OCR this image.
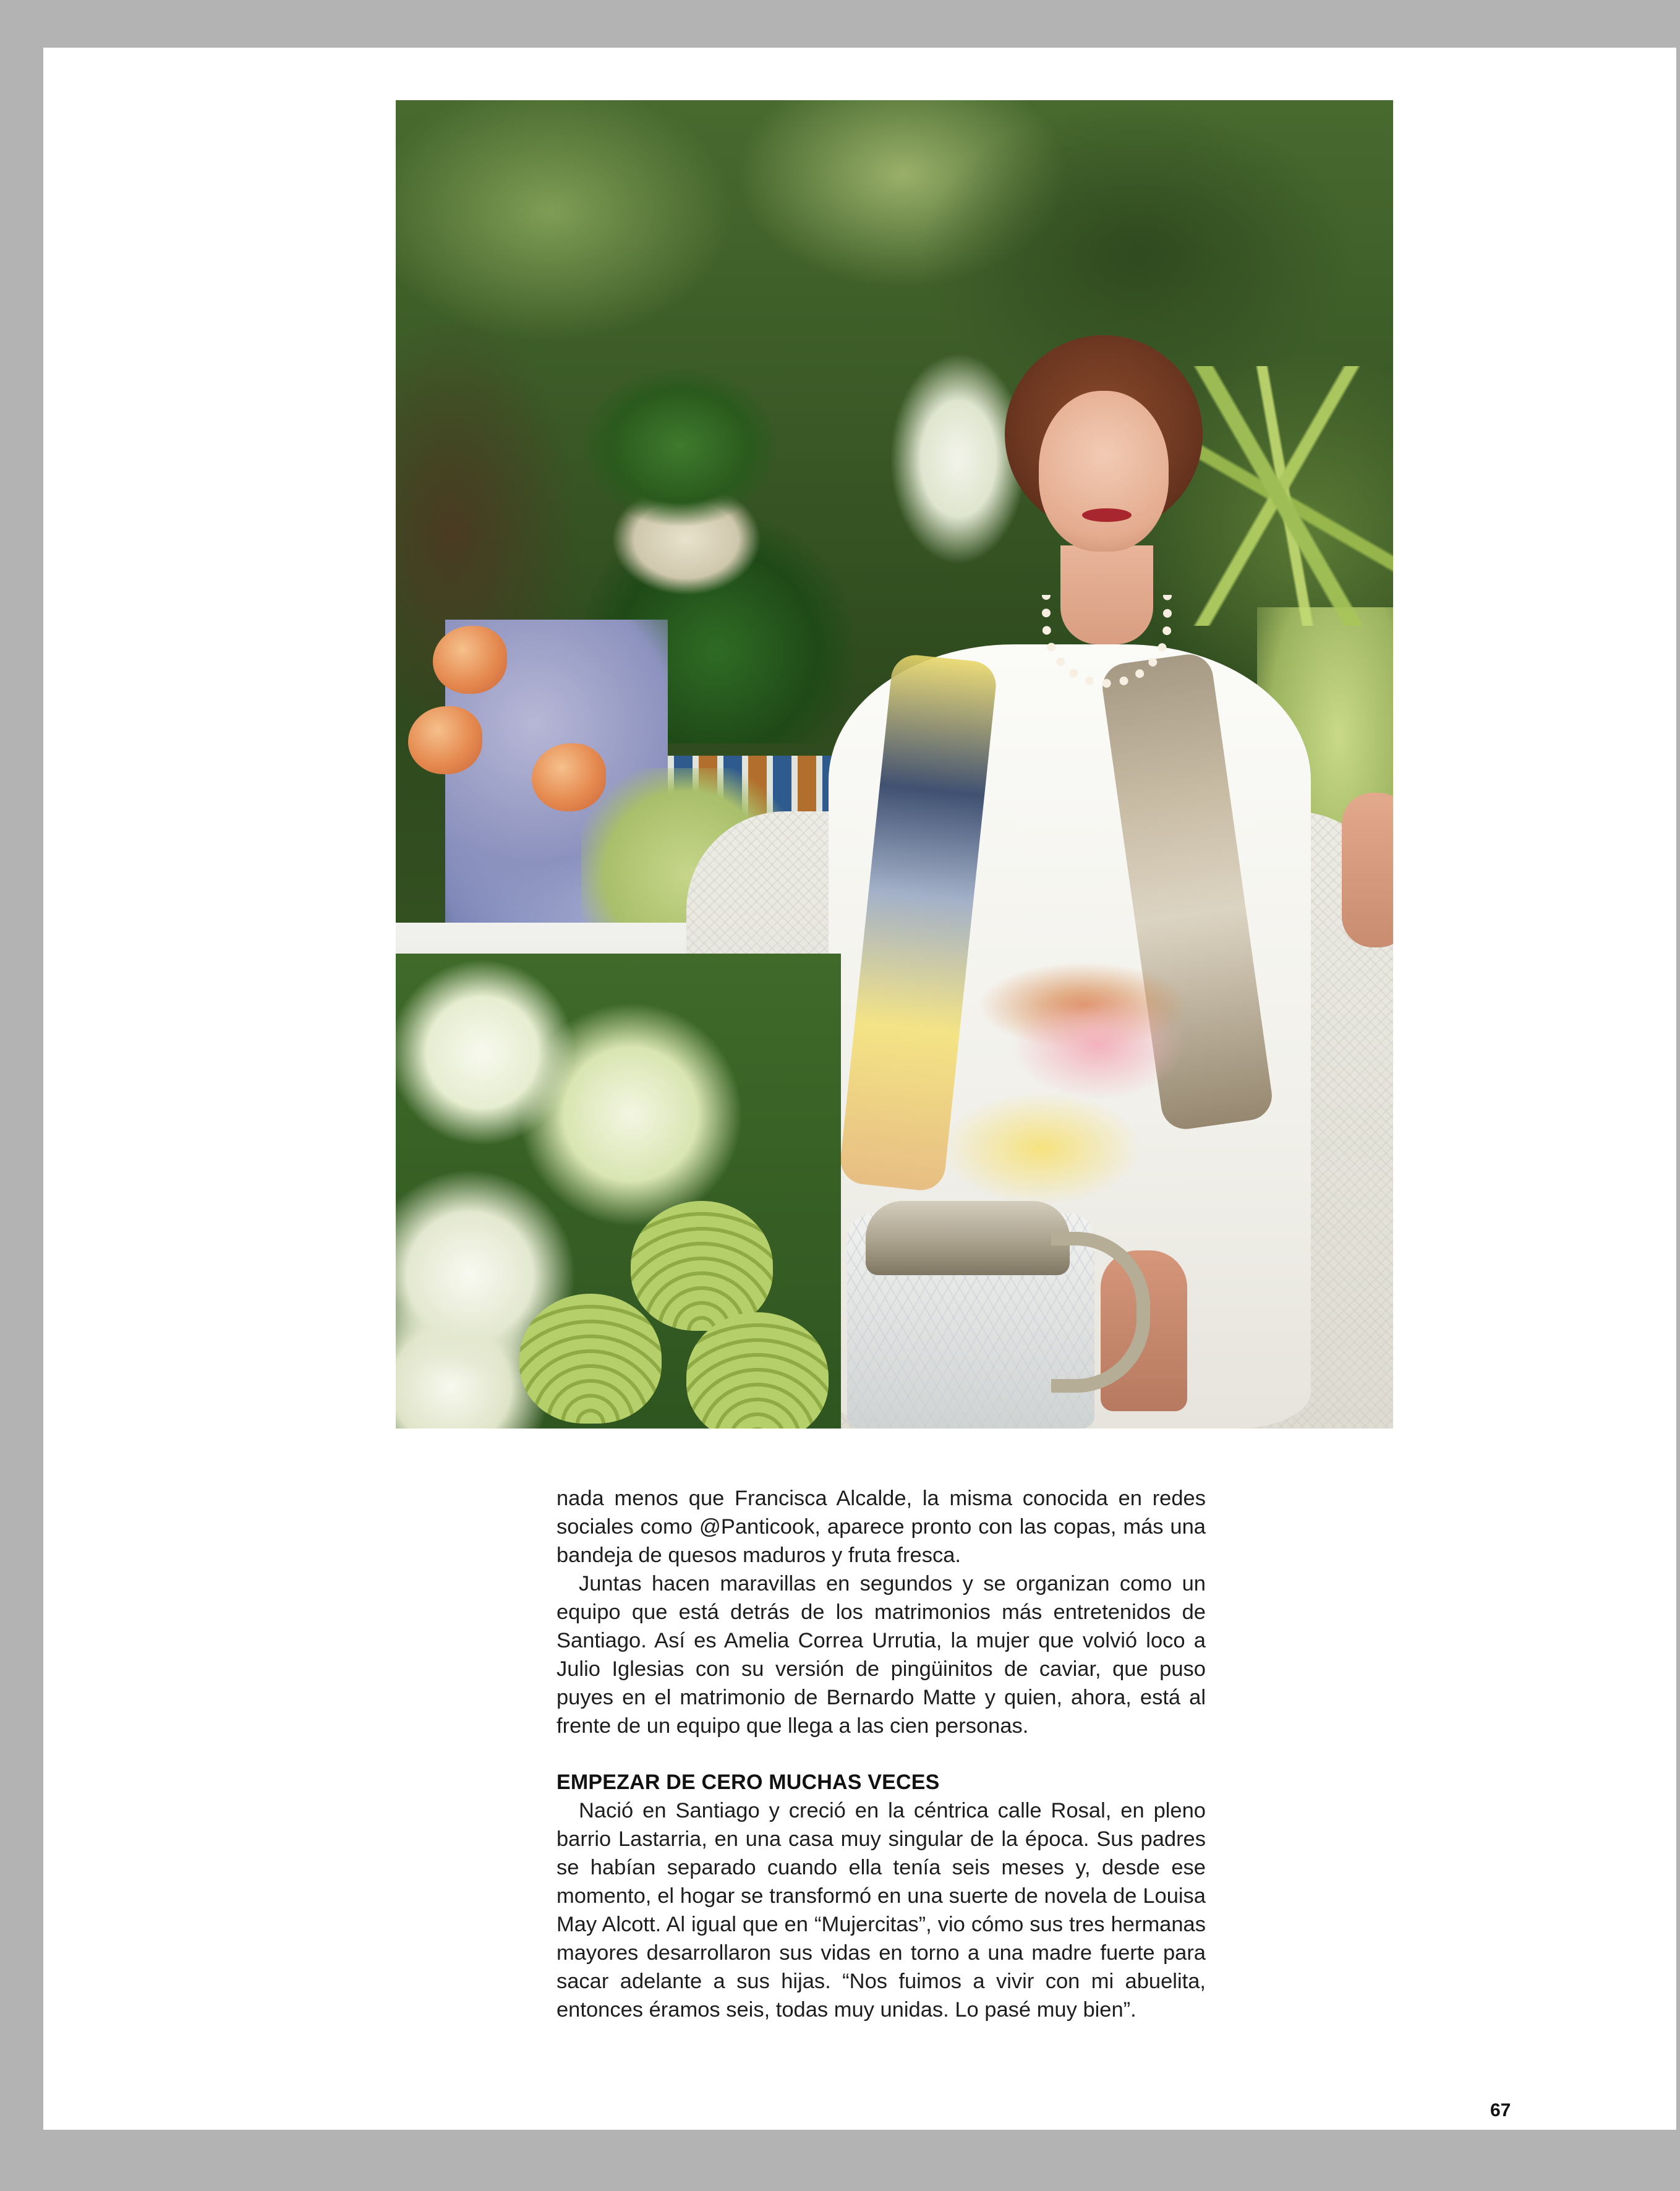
nada menos que Francisca Alcalde, la misma conocida en redes sociales como @Panticook, aparece pronto con las copas, más una bandeja de quesos maduros y fruta fresca.

Juntas hacen maravillas en segundos y se organizan como un equipo que está detrás de los matrimonios más entretenidos de Santiago. Así es Amelia Correa Urrutia, la mujer que volvió loco a Julio Iglesias con su versión de pingüinitos de caviar, que puso puyes en el matrimonio de Bernardo Matte y quien, ahora, está al frente de un equipo que llega a las cien personas.

EMPEZAR DE CERO MUCHAS VECES

Nació en Santiago y creció en la céntrica calle Rosal, en pleno barrio Lastarria, en una casa muy singular de la época. Sus padres se habían separado cuando ella tenía seis meses y, desde ese momento, el hogar se transformó en una suerte de novela de Louisa May Alcott. Al igual que en “Mujercitas”, vio cómo sus tres hermanas mayores desarrollaron sus vidas en torno a una madre fuerte para sacar adelante a sus hijas. “Nos fuimos a vivir con mi abuelita, entonces éramos seis, todas muy unidas. Lo pasé muy bien”.

67
